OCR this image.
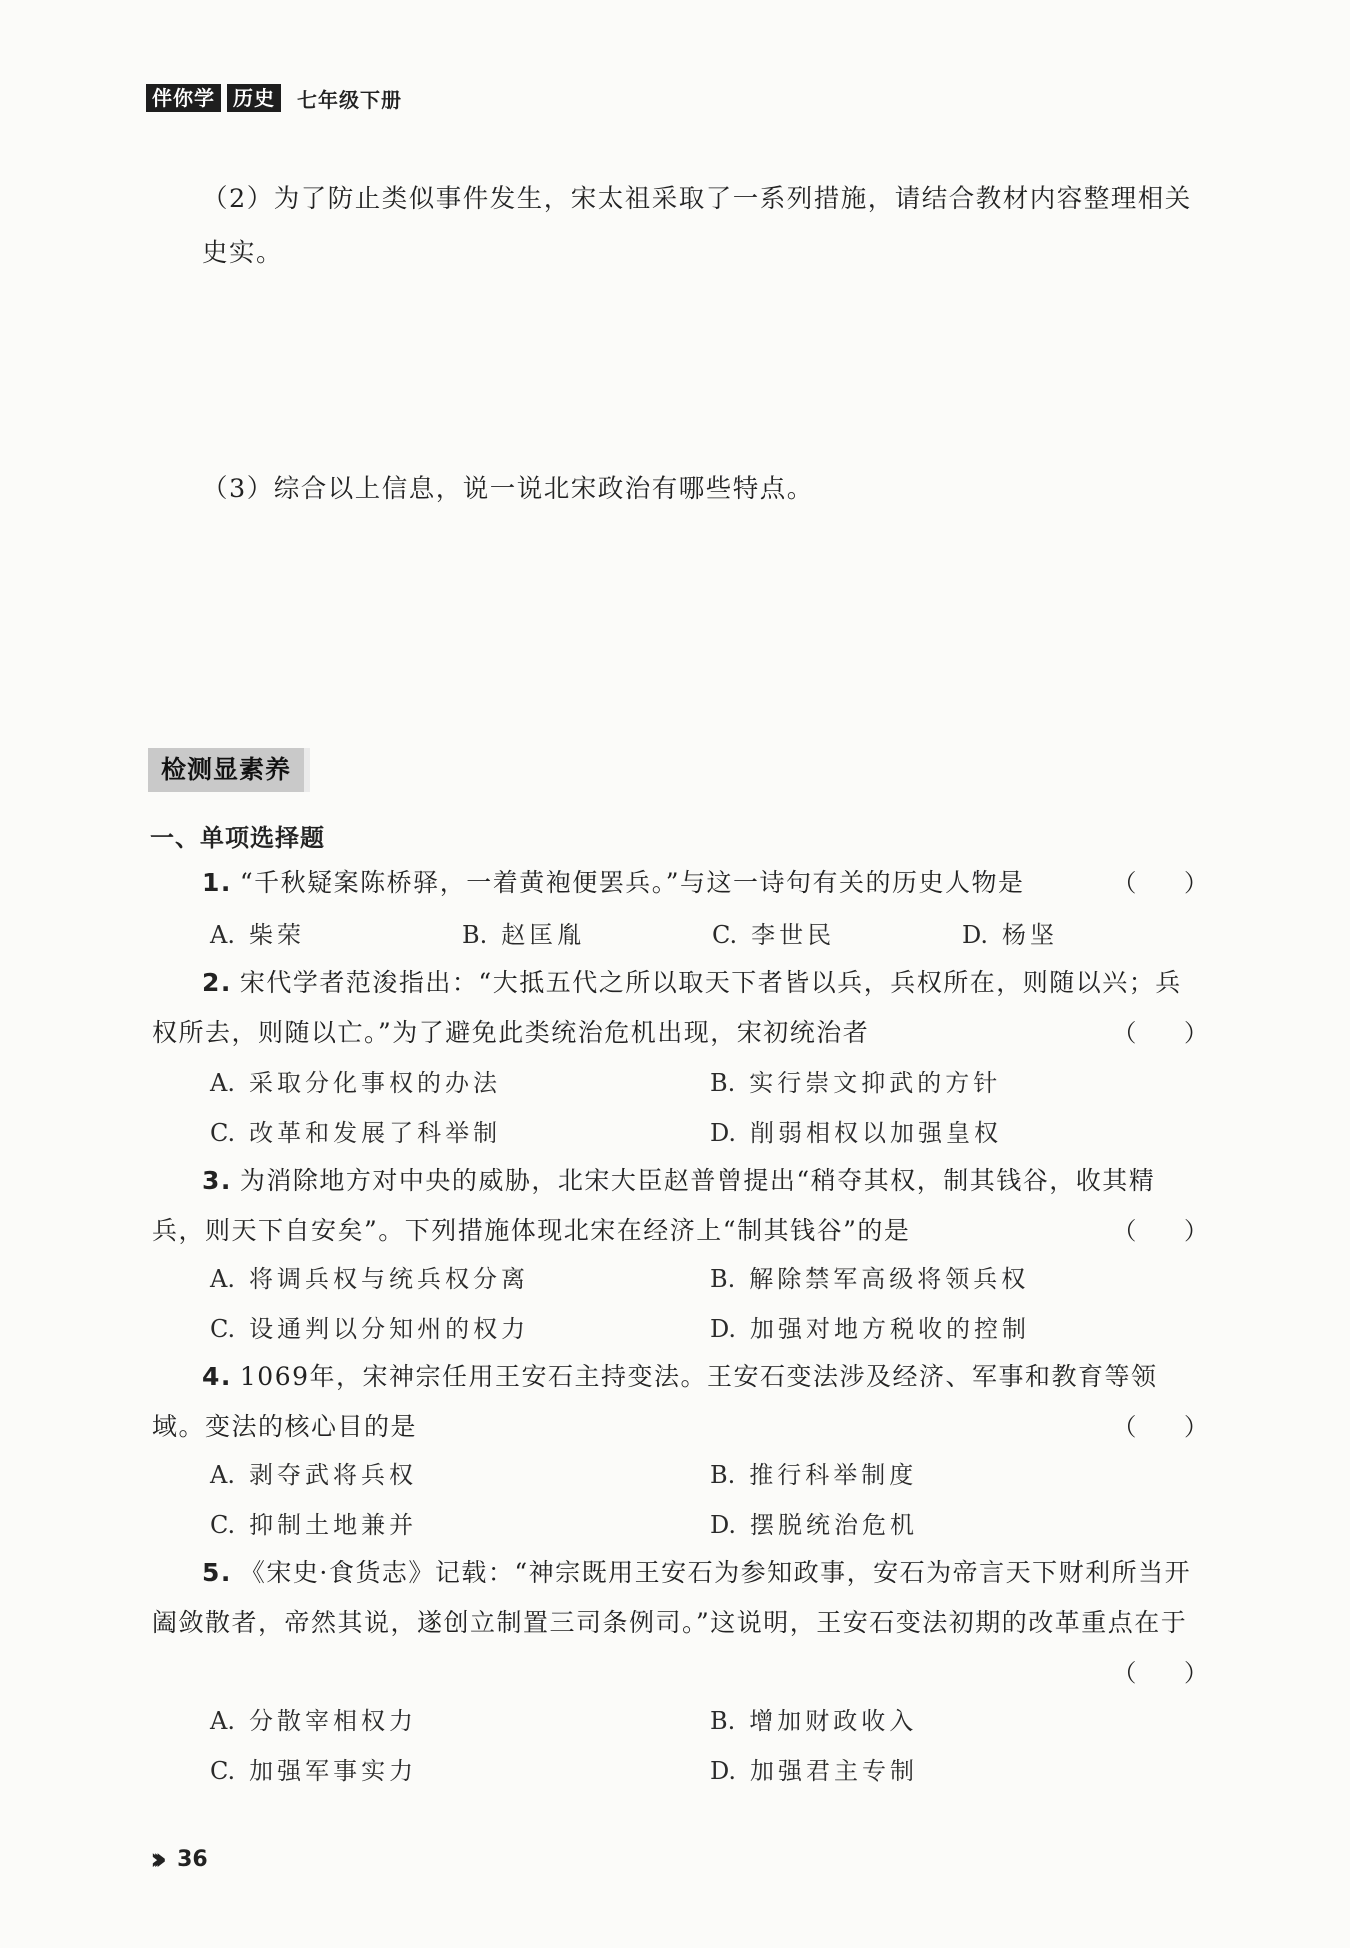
伴你学 历史	七年级下册
（2）为了防止类似事件发生，宋太祖采取了一系列措施，请结合教材内容整理相关史实。
（3）综合以上信息，说一说北宋政治有哪些特点。
检测显素养
一、单项选择题
1. “千秋疑案陈桥驿，一着黄袍便罢兵。”与这一诗句有关的历史人物是	（ ）
A. 柴荣	B. 赵匡胤	C. 李世民	D. 杨坚
2. 宋代学者范浚指出：“大抵五代之所以取天下者皆以兵，兵权所在，则随以兴；兵权所去，则随以亡。”为了避免此类统治危机出现，宋初统治者	（ ）
A. 采取分化事权的办法	B. 实行崇文抑武的方针
C. 改革和发展了科举制	D. 削弱相权以加强皇权
3. 为消除地方对中央的威胁，北宋大臣赵普曾提出“稍夺其权，制其钱谷，收其精兵，则天下自安矣”。下列措施体现北宋在经济上“制其钱谷”的是	（ ）
A. 将调兵权与统兵权分离	B. 解除禁军高级将领兵权
C. 设通判以分知州的权力	D. 加强对地方税收的控制
4. 1069年，宋神宗任用王安石主持变法。王安石变法涉及经济、军事和教育等领域。变法的核心目的是	（ ）
A. 剥夺武将兵权	B. 推行科举制度
C. 抑制土地兼并	D. 摆脱统治危机
5. 《宋史·食货志》记载：“神宗既用王安石为参知政事，安石为帝言天下财利所当开阖敛散者，帝然其说，遂创立制置三司条例司。”这说明，王安石变法初期的改革重点在于
（ ）
A. 分散宰相权力	B. 增加财政收入
C. 加强军事实力	D. 加强君主专制
››› 36
